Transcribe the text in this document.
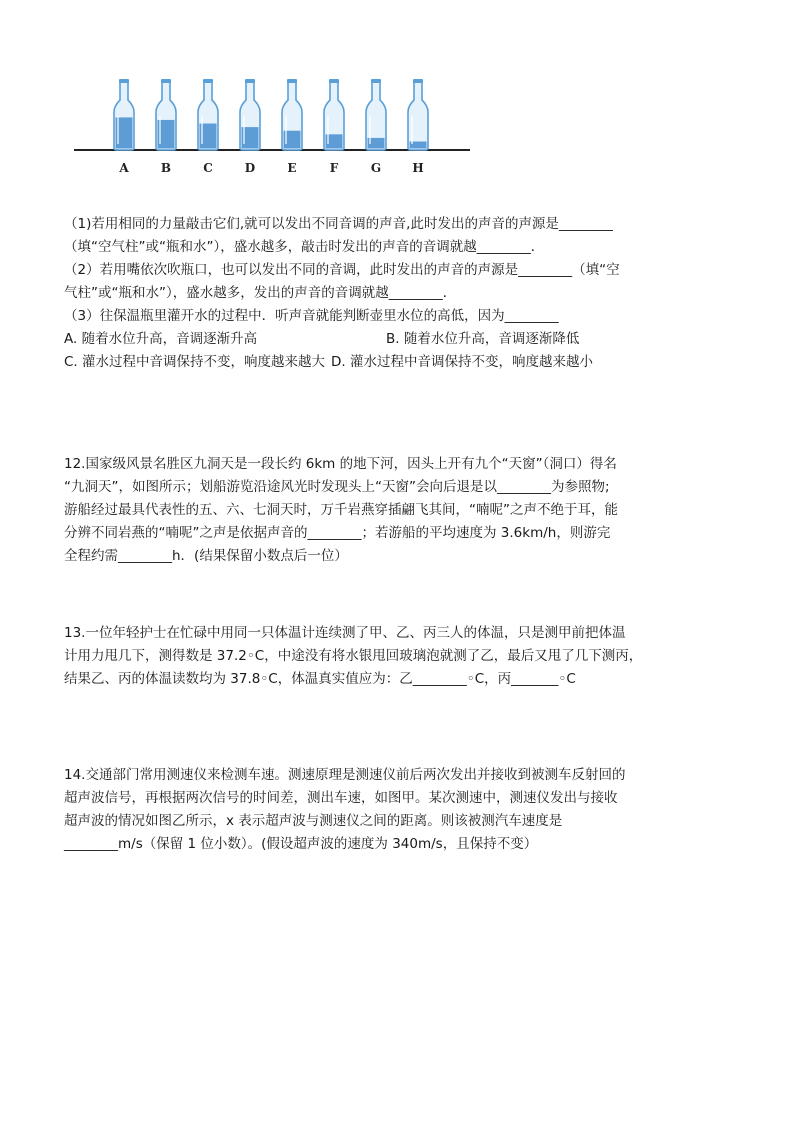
A	B	C	D	E	F	G	H
（1)若用相同的力量敲击它们,就可以发出不同音调的声音,此时发出的声音的声源是________
（填“空气柱”或“瓶和水”），盛水越多，敲击时发出的声音的音调就越________．
（2）若用嘴依次吹瓶口，也可以发出不同的音调，此时发出的声音的声源是________（填“空
气柱”或“瓶和水”），盛水越多，发出的声音的音调就越________．
（3）往保温瓶里灌开水的过程中．听声音就能判断壶里水位的高低，因为________
A. 随着水位升高，音调逐渐升高	B. 随着水位升高，音调逐渐降低
C. 灌水过程中音调保持不变，响度越来越大 D. 灌水过程中音调保持不变，响度越来越小
12.国家级风景名胜区九洞天是一段长约 6km 的地下河，因头上开有九个“天窗”（洞口）得名
“九洞天”，如图所示；划船游览沿途风光时发现头上“天窗”会向后退是以________为参照物;
游船经过最具代表性的五、六、七洞天时，万千岩燕穿插翩飞其间，“喃呢”之声不绝于耳，能
分辨不同岩燕的“喃呢”之声是依据声音的________；若游船的平均速度为 3.6km/h，则游完
全程约需________h．(结果保留小数点后一位）
13.一位年轻护士在忙碌中用同一只体温计连续测了甲、乙、丙三人的体温，只是测甲前把体温
计用力甩几下，测得数是 37.2◦C，中途没有将水银甩回玻璃泡就测了乙，最后又甩了几下测丙，
结果乙、丙的体温读数均为 37.8◦C，体温真实值应为：乙________◦C，丙_______◦C
14.交通部门常用测速仪来检测车速。测速原理是测速仪前后两次发出并接收到被测车反射回的
超声波信号，再根据两次信号的时间差，测出车速，如图甲。某次测速中，测速仪发出与接收
超声波的情况如图乙所示，x 表示超声波与测速仪之间的距离。则该被测汽车速度是
________m/s（保留 1 位小数）。(假设超声波的速度为 340m/s，且保持不变）
